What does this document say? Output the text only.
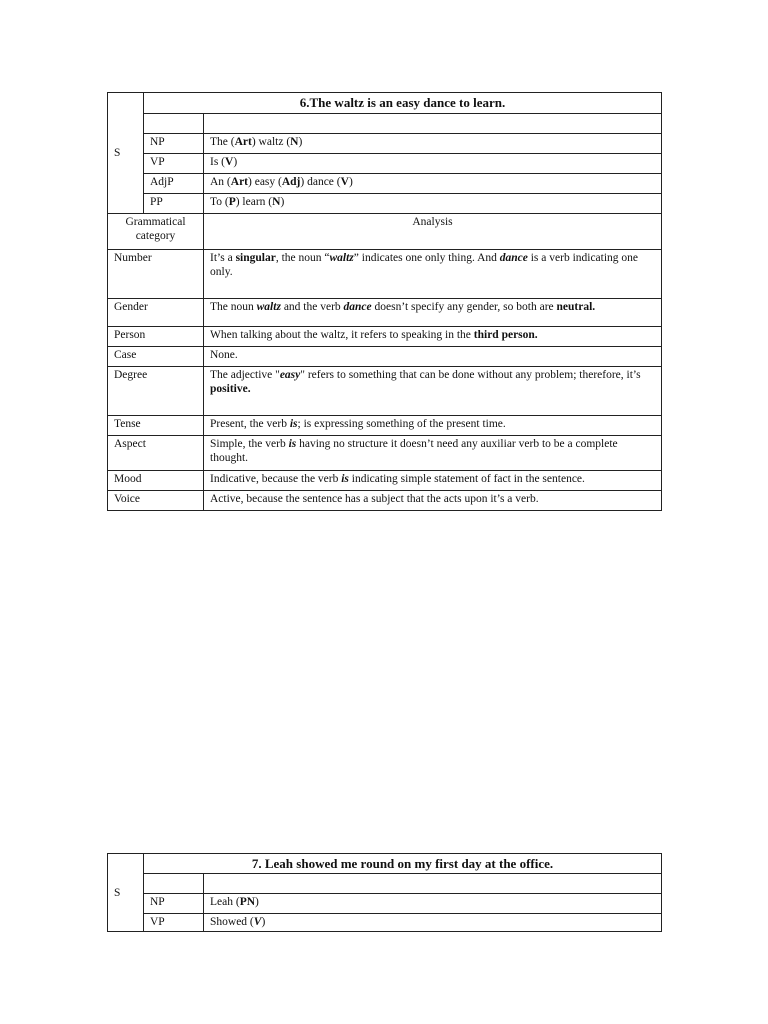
S	6.The waltz is an easy dance to learn.	

	NP	The (Art) waltz (N)
	VP	Is (V)
	AdjP	An (Art) easy (Adj) dance (V)
	PP	To (P) learn (N)
Grammatical category		Analysis
Number		It’s a singular, the noun “waltz” indicates one only thing. And dance is a verb indicating one only.
Gender		The noun waltz and the verb dance doesn’t specify any gender, so both are neutral.
Person		When talking about the waltz, it refers to speaking in the third person.
Case		None.
Degree		The adjective "easy" refers to something that can be done without any problem; therefore, it’s positive.
Tense		Present, the verb is; is expressing something of the present time.
Aspect		Simple, the verb is having no structure it doesn’t need any auxiliar verb to be a complete thought.
Mood		Indicative, because the verb is indicating simple statement of fact in the sentence.
Voice		Active, because the sentence has a subject that the acts upon it’s a verb.
S	7. Leah showed me round on my first day at the office.	

	NP	Leah (PN)
	VP	Showed (V)
